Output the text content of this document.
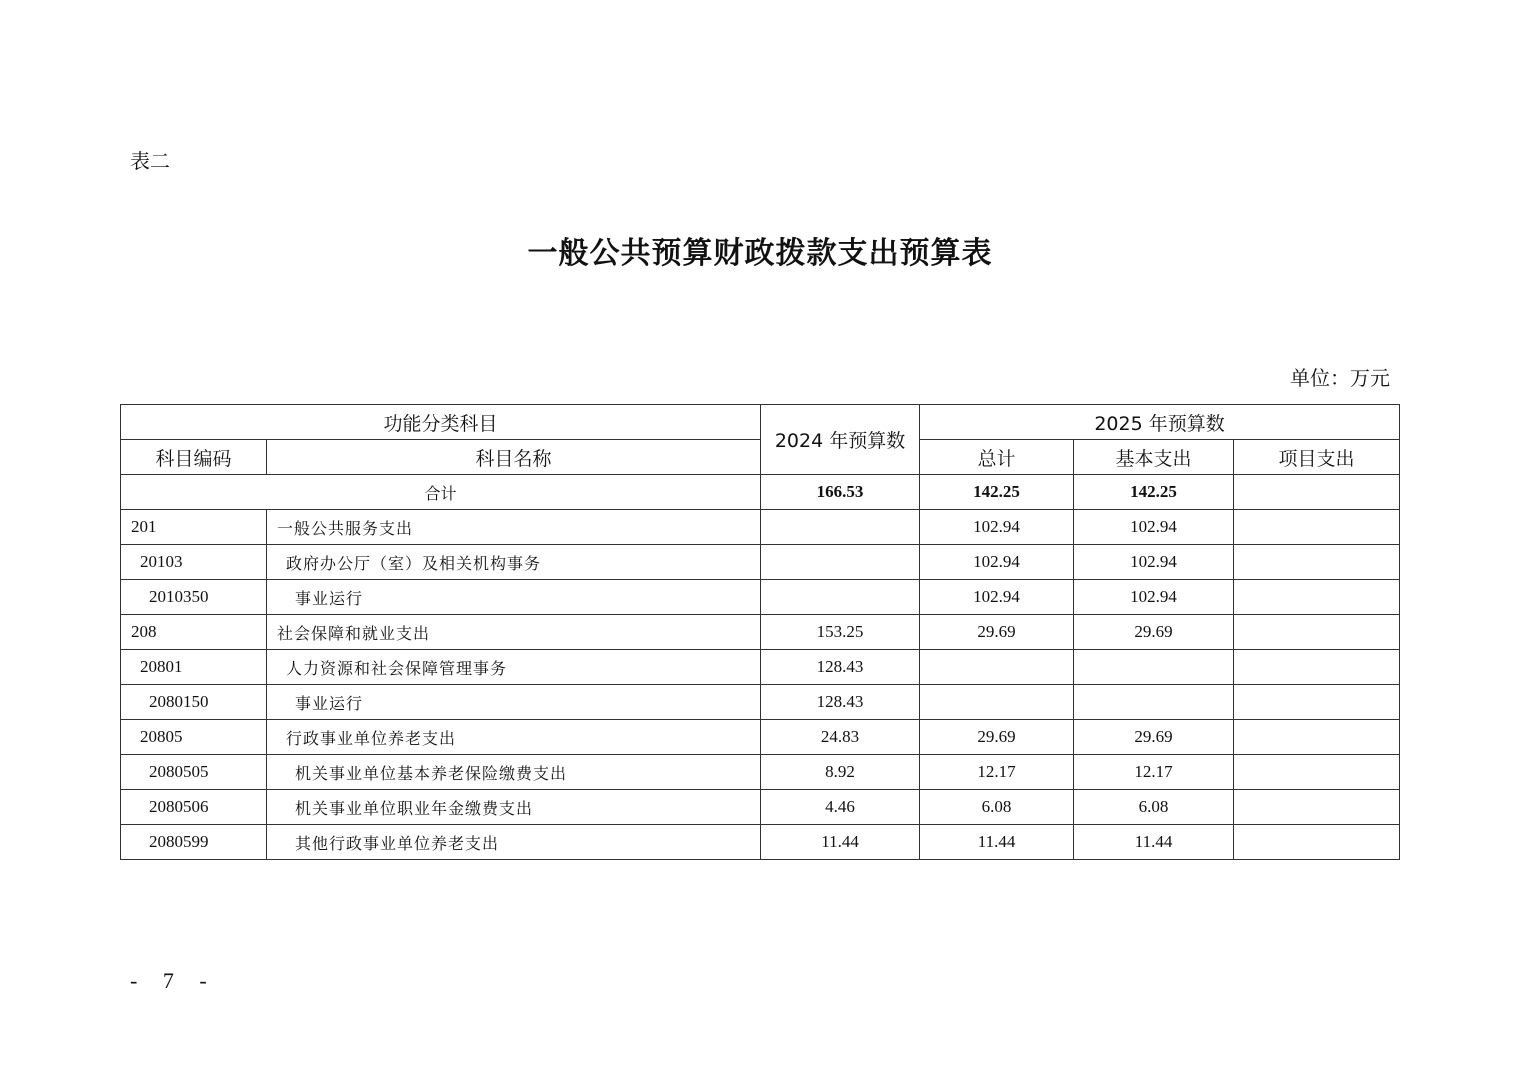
表二
一般公共预算财政拨款支出预算表
单位：万元
功能分类科目		2024 年预算数	2025 年预算数		
科目编码	科目名称		总计	基本支出	项目支出
合计		166.53	142.25	142.25	
201	一般公共服务支出		102.94	102.94	
20103	政府办公厅（室）及相关机构事务		102.94	102.94	
2010350	事业运行		102.94	102.94	
208	社会保障和就业支出	153.25	29.69	29.69	
20801	人力资源和社会保障管理事务	128.43			
2080150	事业运行	128.43			
20805	行政事业单位养老支出	24.83	29.69	29.69	
2080505	机关事业单位基本养老保险缴费支出	8.92	12.17	12.17	
2080506	机关事业单位职业年金缴费支出	4.46	6.08	6.08	
2080599	其他行政事业单位养老支出	11.44	11.44	11.44	
- 7 -
